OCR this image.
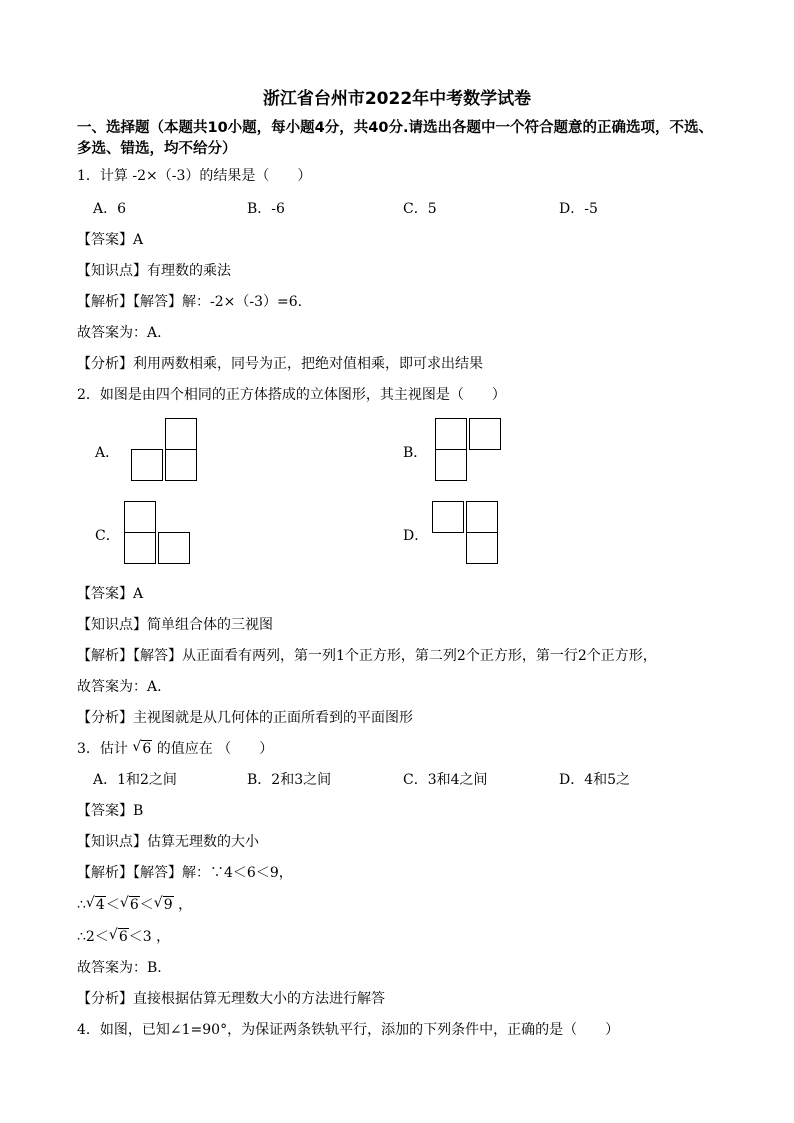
浙江省台州市2022年中考数学试卷
一、选择题（本题共10小题，每小题4分，共40分.请选出各题中一个符合题意的正确选项，不选、多选、错选，均不给分）
1．计算 -2×（-3）的结果是（　　）
A．6	B．-6	C．5	D．-5
【答案】A
【知识点】有理数的乘法
【解析】【解答】解：-2×（-3）=6.
故答案为：A.
【分析】利用两数相乘，同号为正，把绝对值相乘，即可求出结果
2．如图是由四个相同的正方体搭成的立体图形，其主视图是（　　）
A．	B．
C．	D．
【答案】A
【知识点】简单组合体的三视图
【解析】【解答】从正面看有两列，第一列1个正方形，第二列2个正方形，第一行2个正方形，
故答案为：A.
【分析】主视图就是从几何体的正面所看到的平面图形
3．估计 √ 6 的值应在 （　　）
A．1和2之间	B．2和3之间	C．3和4之间	D．4和5之
【答案】B
【知识点】估算无理数的大小
【解析】【解答】解：∵4＜6＜9，
∴ √ 4＜ √ 6＜ √ 9 ，
∴2＜ √ 6＜3 ，
故答案为：B.
【分析】直接根据估算无理数大小的方法进行解答
4．如图，已知∠1=90°，为保证两条铁轨平行，添加的下列条件中，正确的是（　　）
